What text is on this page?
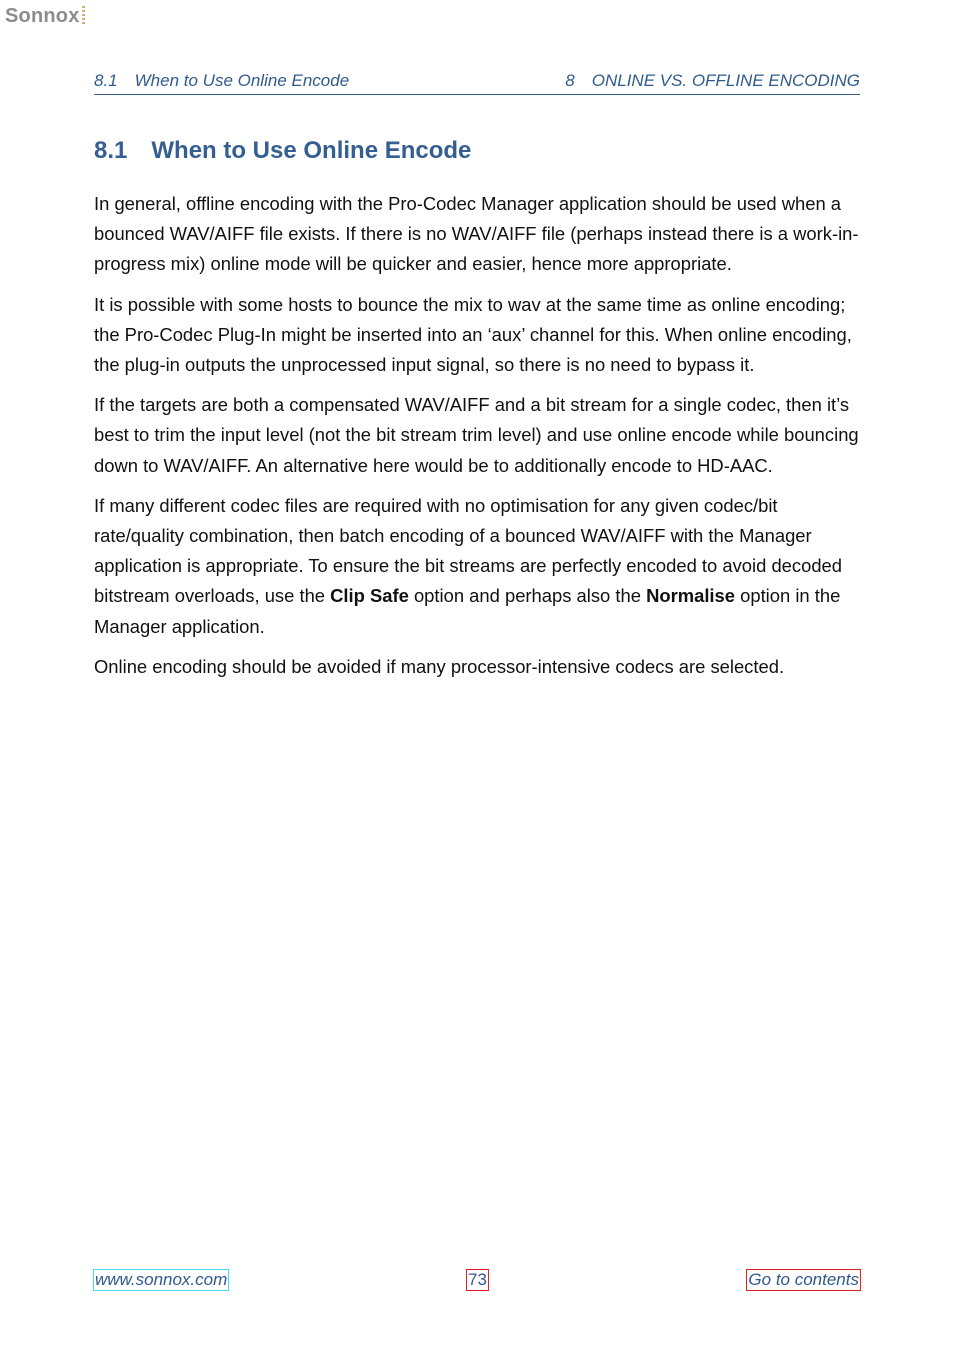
Sonnox
8.1 When to Use Online Encode	8 ONLINE VS. OFFLINE ENCODING
8.1 When to Use Online Encode

In general, offline encoding with the Pro-Codec Manager application should be used when a bounced WAV/AIFF file exists. If there is no WAV/AIFF file (perhaps instead there is a work-in-progress mix) online mode will be quicker and easier, hence more appropriate.

It is possible with some hosts to bounce the mix to wav at the same time as online encoding; the Pro-Codec Plug-In might be inserted into an ‘aux’ channel for this. When online encoding, the plug-in outputs the unprocessed input signal, so there is no need to bypass it.

If the targets are both a compensated WAV/AIFF and a bit stream for a single codec, then it’s best to trim the input level (not the bit stream trim level) and use online encode while bouncing down to WAV/AIFF. An alternative here would be to additionally encode to HD-AAC.

If many different codec files are required with no optimisation for any given codec/bit rate/quality combination, then batch encoding of a bounced WAV/AIFF with the Manager application is appropriate. To ensure the bit streams are perfectly encoded to avoid decoded bitstream overloads, use the Clip Safe option and perhaps also the Normalise option in the Manager application.

Online encoding should be avoided if many processor-intensive codecs are selected.

www.sonnox.com	73	Go to contents
